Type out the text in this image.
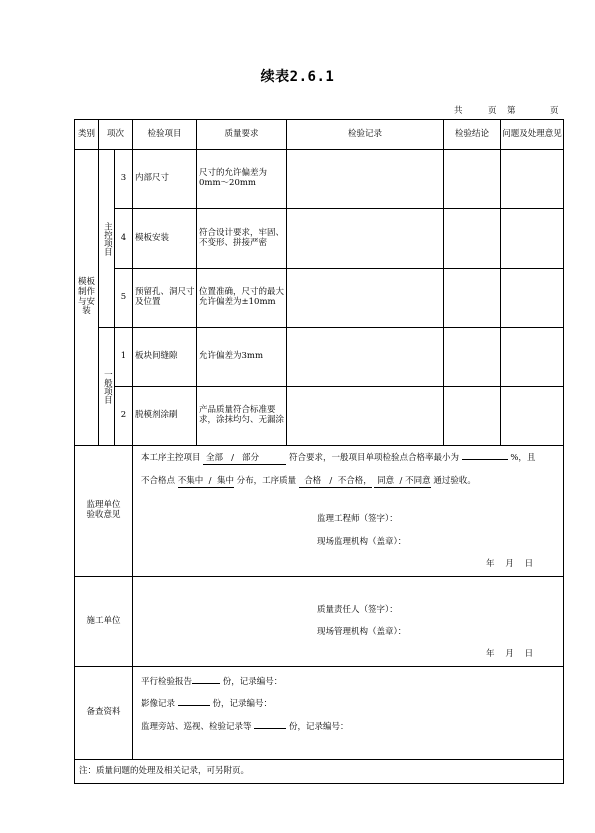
续表2.6.1
共	页 第	页
类别	项次		检验项目	质量要求	检验记录	检验结论	问题及处理意见

模板制作与安装	主控项目	3	内部尺寸	尺寸的允许偏差为0mm～20mm			
		4	模板安装	符合设计要求，牢固、不变形、拼接严密			
		5	预留孔、洞尺寸及位置	位置准确，尺寸的最大允许偏差为±10mm			

	一般项目	1	板块间缝隙	允许偏差为3mm			
		2	脱模剂涂刷	产品质量符合标准要求，涂抹均匀、无漏涂			

监理单位验收意见			本工序主控项目 全部 / 部分 符合要求，一般项目单项检验点合格率最小为 %，且
不合格点 不集中 / 集中 分布，工序质量 合格 / 不合格， 同意 / 不同意 通过验收。
监理工程师（签字）：
现场监理机构（盖章）：
年    月    日				

施工单位			质量责任人（签字）：
现场管理机构（盖章）：
年    月    日				

备查资料			平行检验报告 份，记录编号：
影像记录 份，记录编号：
监理旁站、巡视、检验记录等 份，记录编号：				

注：质量问题的处理及相关记录，可另附页。							
